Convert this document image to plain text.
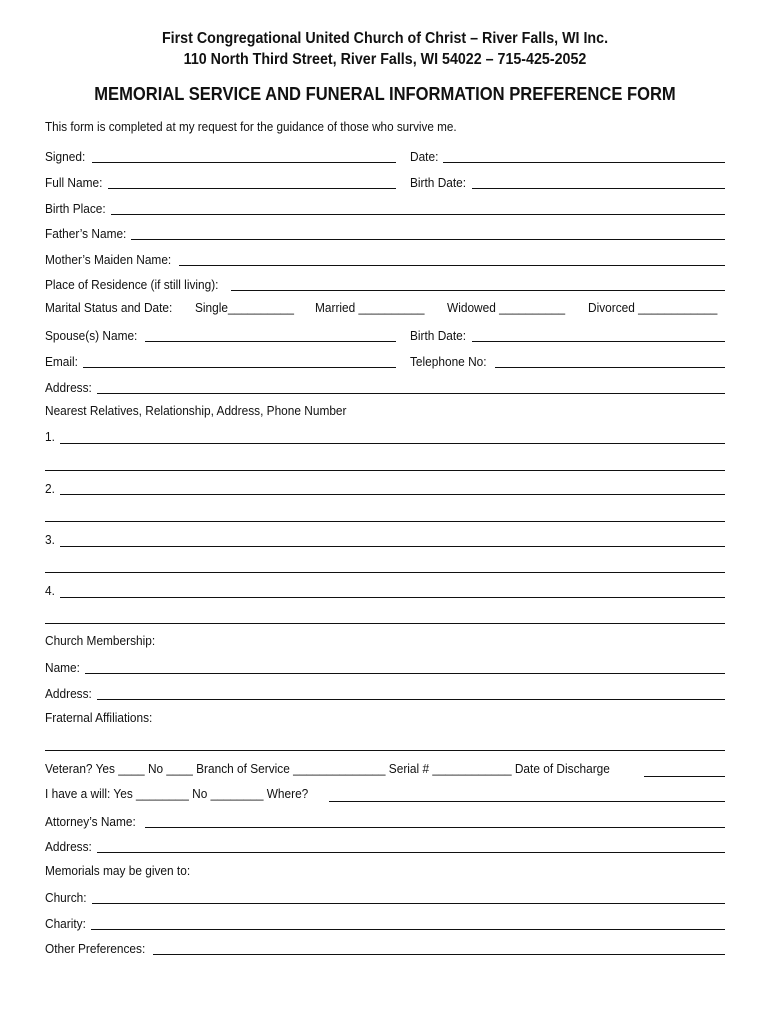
First Congregational United Church of Christ – River Falls, WI Inc.
110 North Third Street, River Falls, WI 54022 – 715-425-2052
MEMORIAL SERVICE AND FUNERAL INFORMATION PREFERENCE FORM
This form is completed at my request for the guidance of those who survive me.
Signed:	Date:
Full Name:	Birth Date:
Birth Place:
Father’s Name:
Mother’s Maiden Name:
Place of Residence (if still living):
Marital Status and Date: Single__________ Married __________ Widowed __________ Divorced ____________
Spouse(s) Name:	Birth Date:
Email:	Telephone No:
Address:
Nearest Relatives, Relationship, Address, Phone Number
1.
2.
3.
4.
Church Membership:
Name:
Address:
Fraternal Affiliations:
Veteran? Yes ____ No ____ Branch of Service ______________ Serial # ____________ Date of Discharge
I have a will: Yes ________ No ________ Where?
Attorney’s Name:
Address:
Memorials may be given to:
Church:
Charity:
Other Preferences:
